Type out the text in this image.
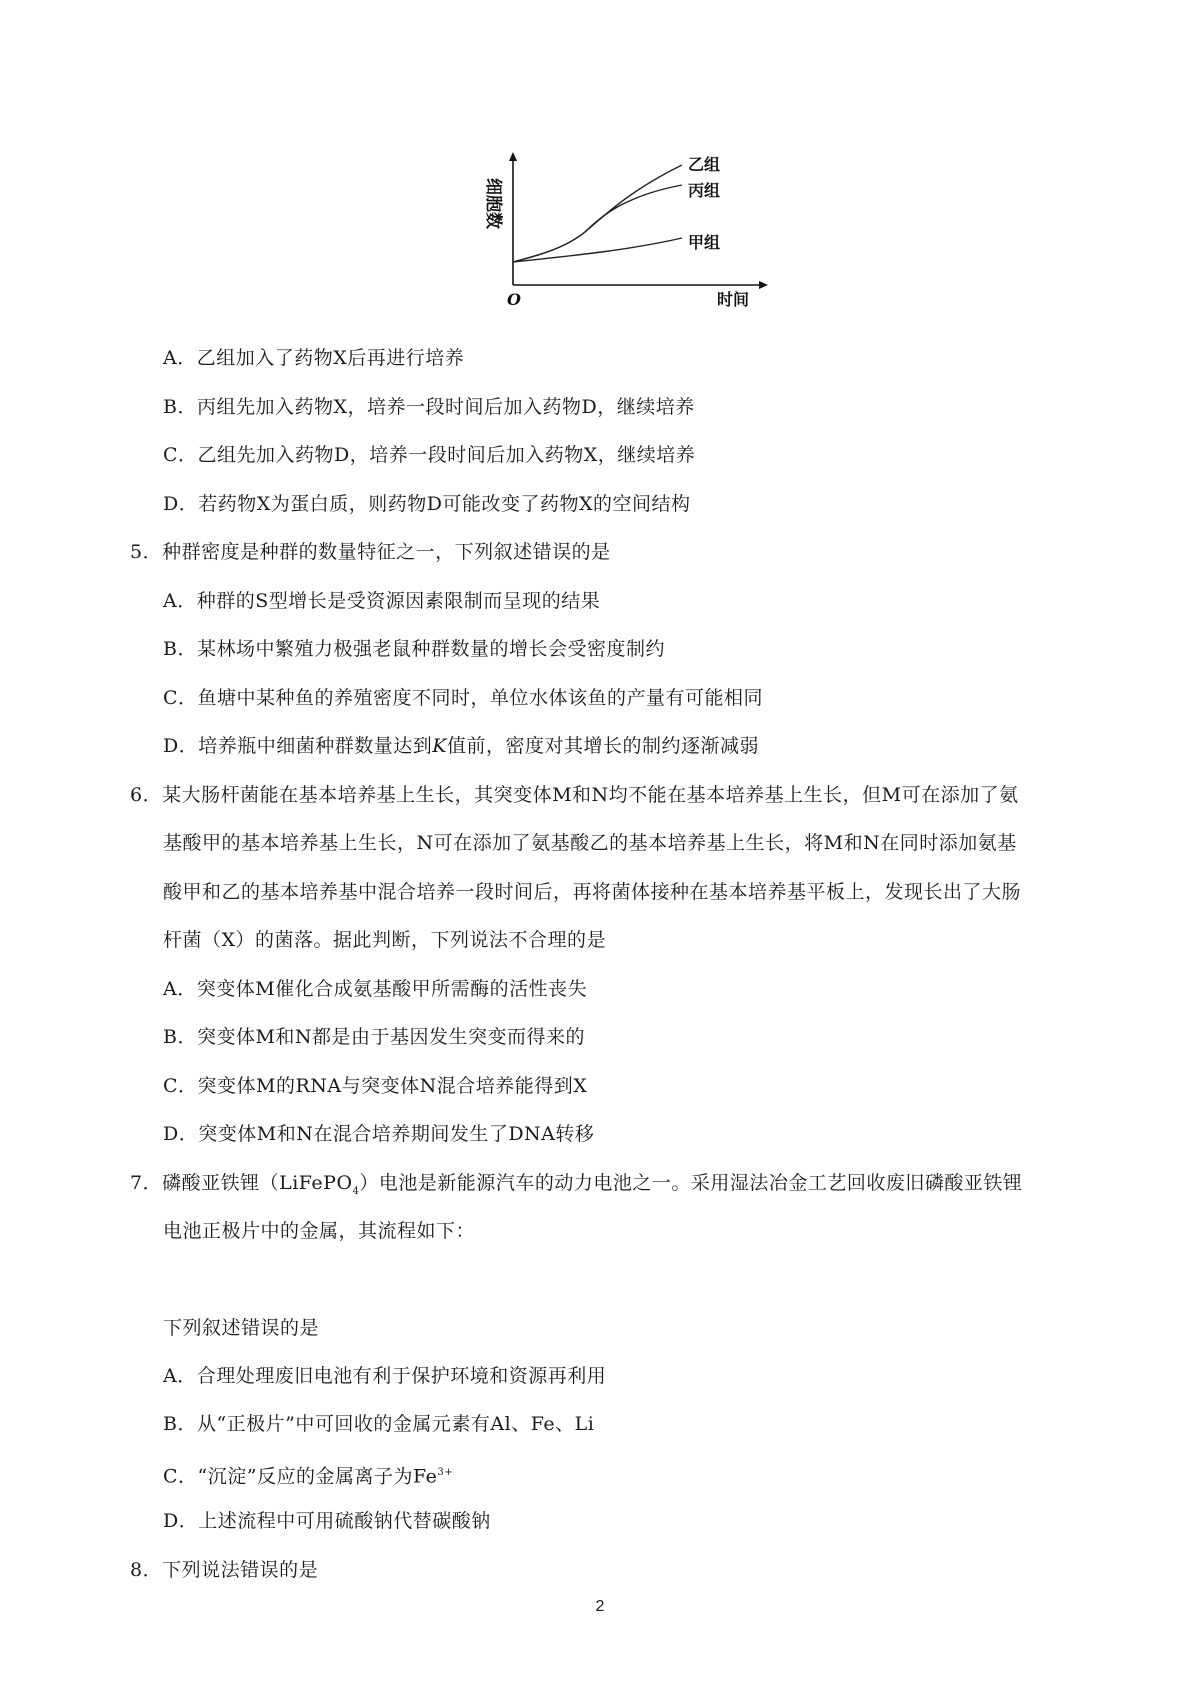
细胞数
O	时间
乙组
丙组
甲组
A．乙组加入了药物X后再进行培养
B．丙组先加入药物X，培养一段时间后加入药物D，继续培养
C．乙组先加入药物D，培养一段时间后加入药物X，继续培养
D．若药物X为蛋白质，则药物D可能改变了药物X的空间结构
5．种群密度是种群的数量特征之一，下列叙述错误的是
A．种群的S型增长是受资源因素限制而呈现的结果
B．某林场中繁殖力极强老鼠种群数量的增长会受密度制约
C．鱼塘中某种鱼的养殖密度不同时，单位水体该鱼的产量有可能相同
D．培养瓶中细菌种群数量达到K值前，密度对其增长的制约逐渐减弱
6．某大肠杆菌能在基本培养基上生长，其突变体M和N均不能在基本培养基上生长，但M可在添加了氨
基酸甲的基本培养基上生长，N可在添加了氨基酸乙的基本培养基上生长，将M和N在同时添加氨基
酸甲和乙的基本培养基中混合培养一段时间后，再将菌体接种在基本培养基平板上，发现长出了大肠
杆菌（X）的菌落。据此判断，下列说法不合理的是
A．突变体M催化合成氨基酸甲所需酶的活性丧失
B．突变体M和N都是由于基因发生突变而得来的
C．突变体M的RNA与突变体N混合培养能得到X
D．突变体M和N在混合培养期间发生了DNA转移
7．磷酸亚铁锂（LiFePO$_4$）电池是新能源汽车的动力电池之一。采用湿法冶金工艺回收废旧磷酸亚铁锂
电池正极片中的金属，其流程如下：
下列叙述错误的是
A．合理处理废旧电池有利于保护环境和资源再利用
B．从“正极片”中可回收的金属元素有Al、Fe、Li
C．“沉淀”反应的金属离子为$Fe^{3+}$
D．上述流程中可用硫酸钠代替碳酸钠
8．下列说法错误的是
2
